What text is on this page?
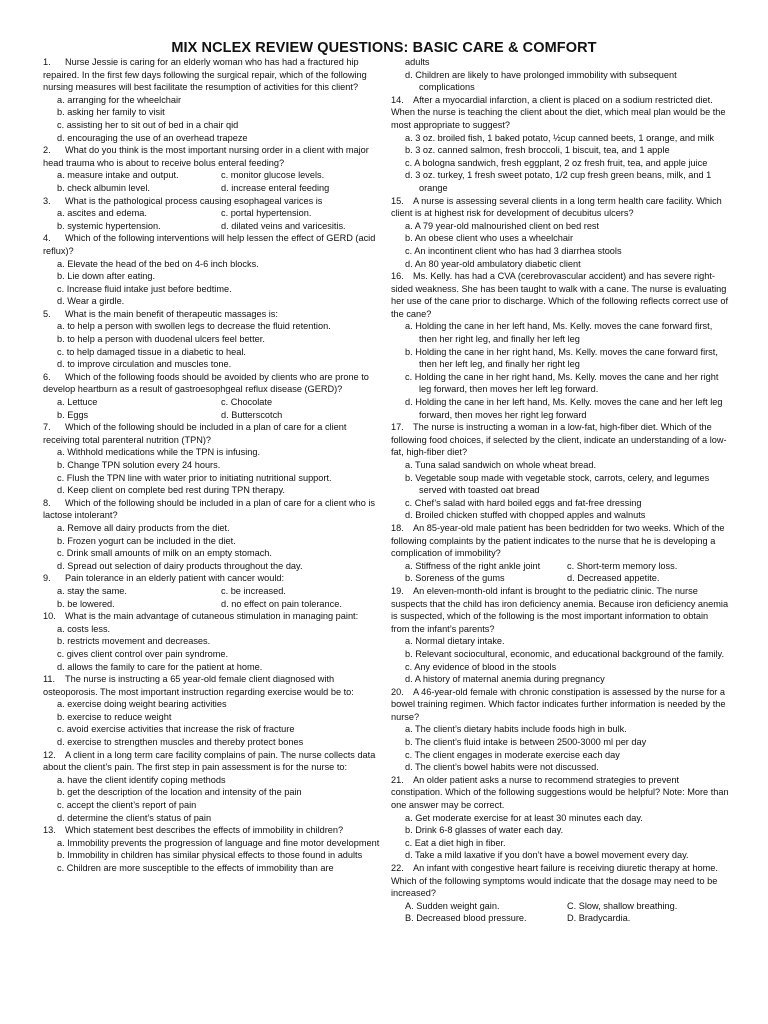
MIX NCLEX REVIEW QUESTIONS: BASIC CARE & COMFORT

1. Nurse Jessie is caring for an elderly woman who has had a fractured hip repaired. In the first few days following the surgical repair, which of the following nursing measures will best facilitate the resumption of activities for this client?

a. arranging for the wheelchair
b. asking her family to visit
c. assisting her to sit out of bed in a chair qid
d. encouraging the use of an overhead trapeze

2. What do you think is the most important nursing order in a client with major head trauma who is about to receive bolus enteral feeding?

a. measure intake and output.	c. monitor glucose levels.
b. check albumin level.	d. increase enteral feeding

3. What is the pathological process causing esophageal varices is

a. ascites and edema.	c. portal hypertension.
b. systemic hypertension.	d. dilated veins and varicesitis.

4. Which of the following interventions will help lessen the effect of GERD (acid reflux)?

a. Elevate the head of the bed on 4-6 inch blocks.
b. Lie down after eating.
c. Increase fluid intake just before bedtime.
d. Wear a girdle.

5. What is the main benefit of therapeutic massages is:

a. to help a person with swollen legs to decrease the fluid retention.
b. to help a person with duodenal ulcers feel better.
c. to help damaged tissue in a diabetic to heal.
d. to improve circulation and muscles tone.

6. Which of the following foods should be avoided by clients who are prone to develop heartburn as a result of gastroesophgeal reflux disease (GERD)?

a. Lettuce	c. Chocolate
b. Eggs	d. Butterscotch

7. Which of the following should be included in a plan of care for a client receiving total parenteral nutrition (TPN)?

a. Withhold medications while the TPN is infusing.
b. Change TPN solution every 24 hours.
c. Flush the TPN line with water prior to initiating nutritional support.
d. Keep client on complete bed rest during TPN therapy.

8. Which of the following should be included in a plan of care for a client who is lactose intolerant?

a. Remove all dairy products from the diet.
b. Frozen yogurt can be included in the diet.
c. Drink small amounts of milk on an empty stomach.
d. Spread out selection of dairy products throughout the day.

9. Pain tolerance in an elderly patient with cancer would:

a. stay the same.	c. be increased.
b. be lowered.	d. no effect on pain tolerance.

10. What is the main advantage of cutaneous stimulation in managing paint:

a. costs less.
b. restricts movement and decreases.
c. gives client control over pain syndrome.
d. allows the family to care for the patient at home.

11. The nurse is instructing a 65 year-old female client diagnosed with osteoporosis. The most important instruction regarding exercise would be to:

a. exercise doing weight bearing activities
b. exercise to reduce weight
c. avoid exercise activities that increase the risk of fracture
d. exercise to strengthen muscles and thereby protect bones

12. A client in a long term care facility complains of pain. The nurse collects data about the client’s pain. The first step in pain assessment is for the nurse to:

a. have the client identify coping methods
b. get the description of the location and intensity of the pain
c. accept the client’s report of pain
d. determine the client’s status of pain

13. Which statement best describes the effects of immobility in children?

a. Immobility prevents the progression of language and fine motor development
b. Immobility in children has similar physical effects to those found in adults
c. Children are more susceptible to the effects of immobility than are
adults
d. Children are likely to have prolonged immobility with subsequent complications

14. After a myocardial infarction, a client is placed on a sodium restricted diet. When the nurse is teaching the client about the diet, which meal plan would be the most appropriate to suggest?

a. 3 oz. broiled fish, 1 baked potato, ½cup canned beets, 1 orange, and milk
b. 3 oz. canned salmon, fresh broccoli, 1 biscuit, tea, and 1 apple
c. A bologna sandwich, fresh eggplant, 2 oz fresh fruit, tea, and apple juice
d. 3 oz. turkey, 1 fresh sweet potato, 1/2 cup fresh green beans, milk, and 1 orange

15. A nurse is assessing several clients in a long term health care facility. Which client is at highest risk for development of decubitus ulcers?

a. A 79 year-old malnourished client on bed rest
b. An obese client who uses a wheelchair
c. An incontinent client who has had 3 diarrhea stools
d. An 80 year-old ambulatory diabetic client

16. Ms. Kelly. has had a CVA (cerebrovascular accident) and has severe right-sided weakness. She has been taught to walk with a cane. The nurse is evaluating her use of the cane prior to discharge. Which of the following reflects correct use of the cane?

a. Holding the cane in her left hand, Ms. Kelly. moves the cane forward first, then her right leg, and finally her left leg
b. Holding the cane in her right hand, Ms. Kelly. moves the cane forward first, then her left leg, and finally her right leg
c. Holding the cane in her right hand, Ms. Kelly. moves the cane and her right leg forward, then moves her left leg forward.
d. Holding the cane in her left hand, Ms. Kelly. moves the cane and her left leg forward, then moves her right leg forward

17. The nurse is instructing a woman in a low-fat, high-fiber diet. Which of the following food choices, if selected by the client, indicate an understanding of a low-fat, high-fiber diet?

a. Tuna salad sandwich on whole wheat bread.
b. Vegetable soup made with vegetable stock, carrots, celery, and legumes served with toasted oat bread
c. Chef’s salad with hard boiled eggs and fat-free dressing
d. Broiled chicken stuffed with chopped apples and walnuts

18. An 85-year-old male patient has been bedridden for two weeks. Which of the following complaints by the patient indicates to the nurse that he is developing a complication of immobility?

a. Stiffness of the right ankle joint	c. Short-term memory loss.
b. Soreness of the gums	d. Decreased appetite.

19. An eleven-month-old infant is brought to the pediatric clinic. The nurse suspects that the child has iron deficiency anemia. Because iron deficiency anemia is suspected, which of the following is the most important information to obtain from the infant’s parents?

a. Normal dietary intake.
b. Relevant sociocultural, economic, and educational background of the family.
c. Any evidence of blood in the stools
d. A history of maternal anemia during pregnancy

20. A 46-year-old female with chronic constipation is assessed by the nurse for a bowel training regimen. Which factor indicates further information is needed by the nurse?

a. The client’s dietary habits include foods high in bulk.
b. The client’s fluid intake is between 2500-3000 ml per day
c. The client engages in moderate exercise each day
d. The client’s bowel habits were not discussed.

21. An older patient asks a nurse to recommend strategies to prevent constipation. Which of the following suggestions would be helpful? Note: More than one answer may be correct.

a. Get moderate exercise for at least 30 minutes each day.
b. Drink 6-8 glasses of water each day.
c. Eat a diet high in fiber.
d. Take a mild laxative if you don’t have a bowel movement every day.

22. An infant with congestive heart failure is receiving diuretic therapy at home. Which of the following symptoms would indicate that the dosage may need to be increased?

A. Sudden weight gain.	C. Slow, shallow breathing.
B. Decreased blood pressure.	D. Bradycardia.
